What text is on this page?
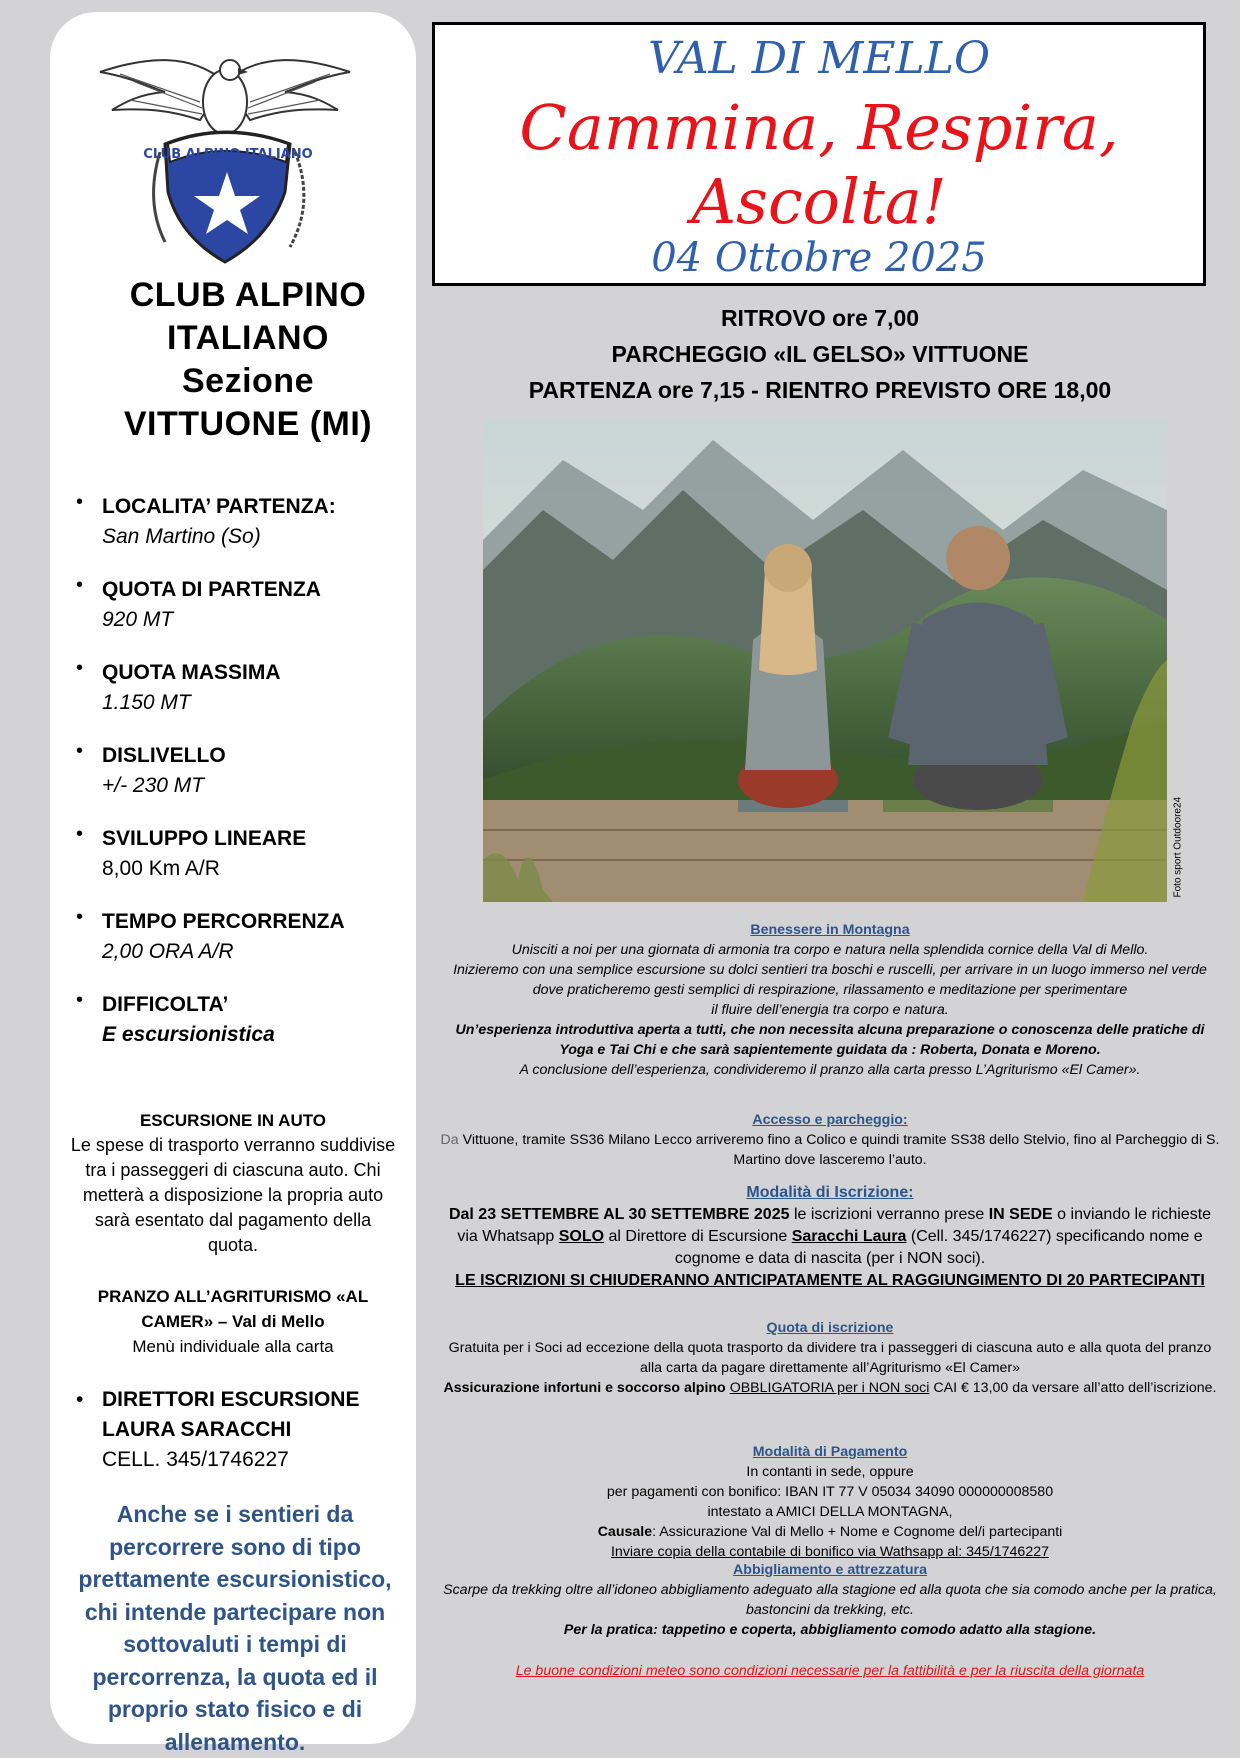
CLUB ALPINO ITALIANO
CLUB ALPINO
ITALIANO
Sezione
VITTUONE (MI)
• LOCALITA’ PARTENZA:
San Martino (So)
• QUOTA DI PARTENZA
920 MT
• QUOTA MASSIMA
1.150 MT
• DISLIVELLO
+/- 230 MT
• SVILUPPO LINEARE
8,00 Km A/R
• TEMPO PERCORRENZA
2,00 ORA A/R
• DIFFICOLTA’
E escursionistica
ESCURSIONE IN AUTO
Le spese di trasporto verranno suddivise tra i passeggeri di ciascuna auto. Chi metterà a disposizione la propria auto sarà esentato dal pagamento della quota.
PRANZO ALL’AGRITURISMO «AL CAMER» – Val di Mello
Menù individuale alla carta
• DIRETTORI ESCURSIONE
LAURA SARACCHI
CELL. 345/1746227
Anche se i sentieri da percorrere sono di tipo prettamente escursionistico, chi intende partecipare non sottovaluti i tempi di percorrenza, la quota ed il proprio stato fisico e di allenamento.
VAL DI MELLO
Cammina, Respira,
Ascolta!
04 Ottobre 2025
RITROVO ore 7,00
PARCHEGGIO «IL GELSO» VITTUONE
PARTENZA ore 7,15 - RIENTRO PREVISTO ORE 18,00
Foto sport Outdoore24
Benessere in Montagna
Unisciti a noi per una giornata di armonia tra corpo e natura nella splendida cornice della Val di Mello.
Inizieremo con una semplice escursione su dolci sentieri tra boschi e ruscelli, per arrivare in un luogo immerso nel verde dove praticheremo gesti semplici di respirazione, rilassamento e meditazione per sperimentare
il fluire dell’energia tra corpo e natura.
Un’esperienza introduttiva aperta a tutti, che non necessita alcuna preparazione o conoscenza delle pratiche di Yoga e Tai Chi e che sarà sapientemente guidata da : Roberta, Donata e Moreno.
A conclusione dell’esperienza, condivideremo il pranzo alla carta presso L’Agriturismo «El Camer».
Accesso e parcheggio:
Da Vittuone, tramite SS36 Milano Lecco arriveremo fino a Colico e quindi tramite SS38 dello Stelvio, fino al Parcheggio di S. Martino dove lasceremo l’auto.
Modalità di Iscrizione:
Dal 23 SETTEMBRE AL 30 SETTEMBRE 2025 le iscrizioni verranno prese IN SEDE o inviando le richieste via Whatsapp SOLO al Direttore di Escursione Saracchi Laura (Cell. 345/1746227) specificando nome e cognome e data di nascita (per i NON soci).
LE ISCRIZIONI SI CHIUDERANNO ANTICIPATAMENTE AL RAGGIUNGIMENTO DI 20 PARTECIPANTI
Quota di iscrizione
Gratuita per i Soci ad eccezione della quota trasporto da dividere tra i passeggeri di ciascuna auto e alla quota del pranzo alla carta da pagare direttamente all’Agriturismo «El Camer»
Assicurazione infortuni e soccorso alpino OBBLIGATORIA per i NON soci CAI € 13,00 da versare all’atto dell’iscrizione.
Modalità di Pagamento
In contanti in sede, oppure
per pagamenti con bonifico: IBAN IT 77 V 05034 34090 000000008580
intestato a AMICI DELLA MONTAGNA,
Causale: Assicurazione Val di Mello + Nome e Cognome del/i partecipanti
Inviare copia della contabile di bonifico via Wathsapp al: 345/1746227
Abbigliamento e attrezzatura
Scarpe da trekking oltre all’idoneo abbigliamento adeguato alla stagione ed alla quota che sia comodo anche per la pratica, bastoncini da trekking, etc.
Per la pratica: tappetino e coperta, abbigliamento comodo adatto alla stagione.
Le buone condizioni meteo sono condizioni necessarie per la fattibilità e per la riuscita della giornata
